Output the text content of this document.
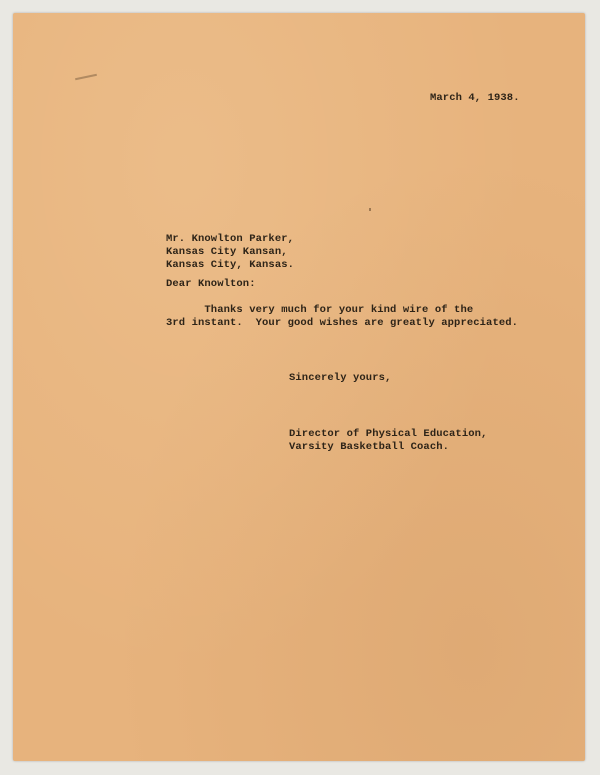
March 4, 1938.
Mr. Knowlton Parker,
Kansas City Kansan,
Kansas City, Kansas.
Dear Knowlton:
Thanks very much for your kind wire of the
3rd instant.  Your good wishes are greatly appreciated.
Sincerely yours,
Director of Physical Education,
Varsity Basketball Coach.
